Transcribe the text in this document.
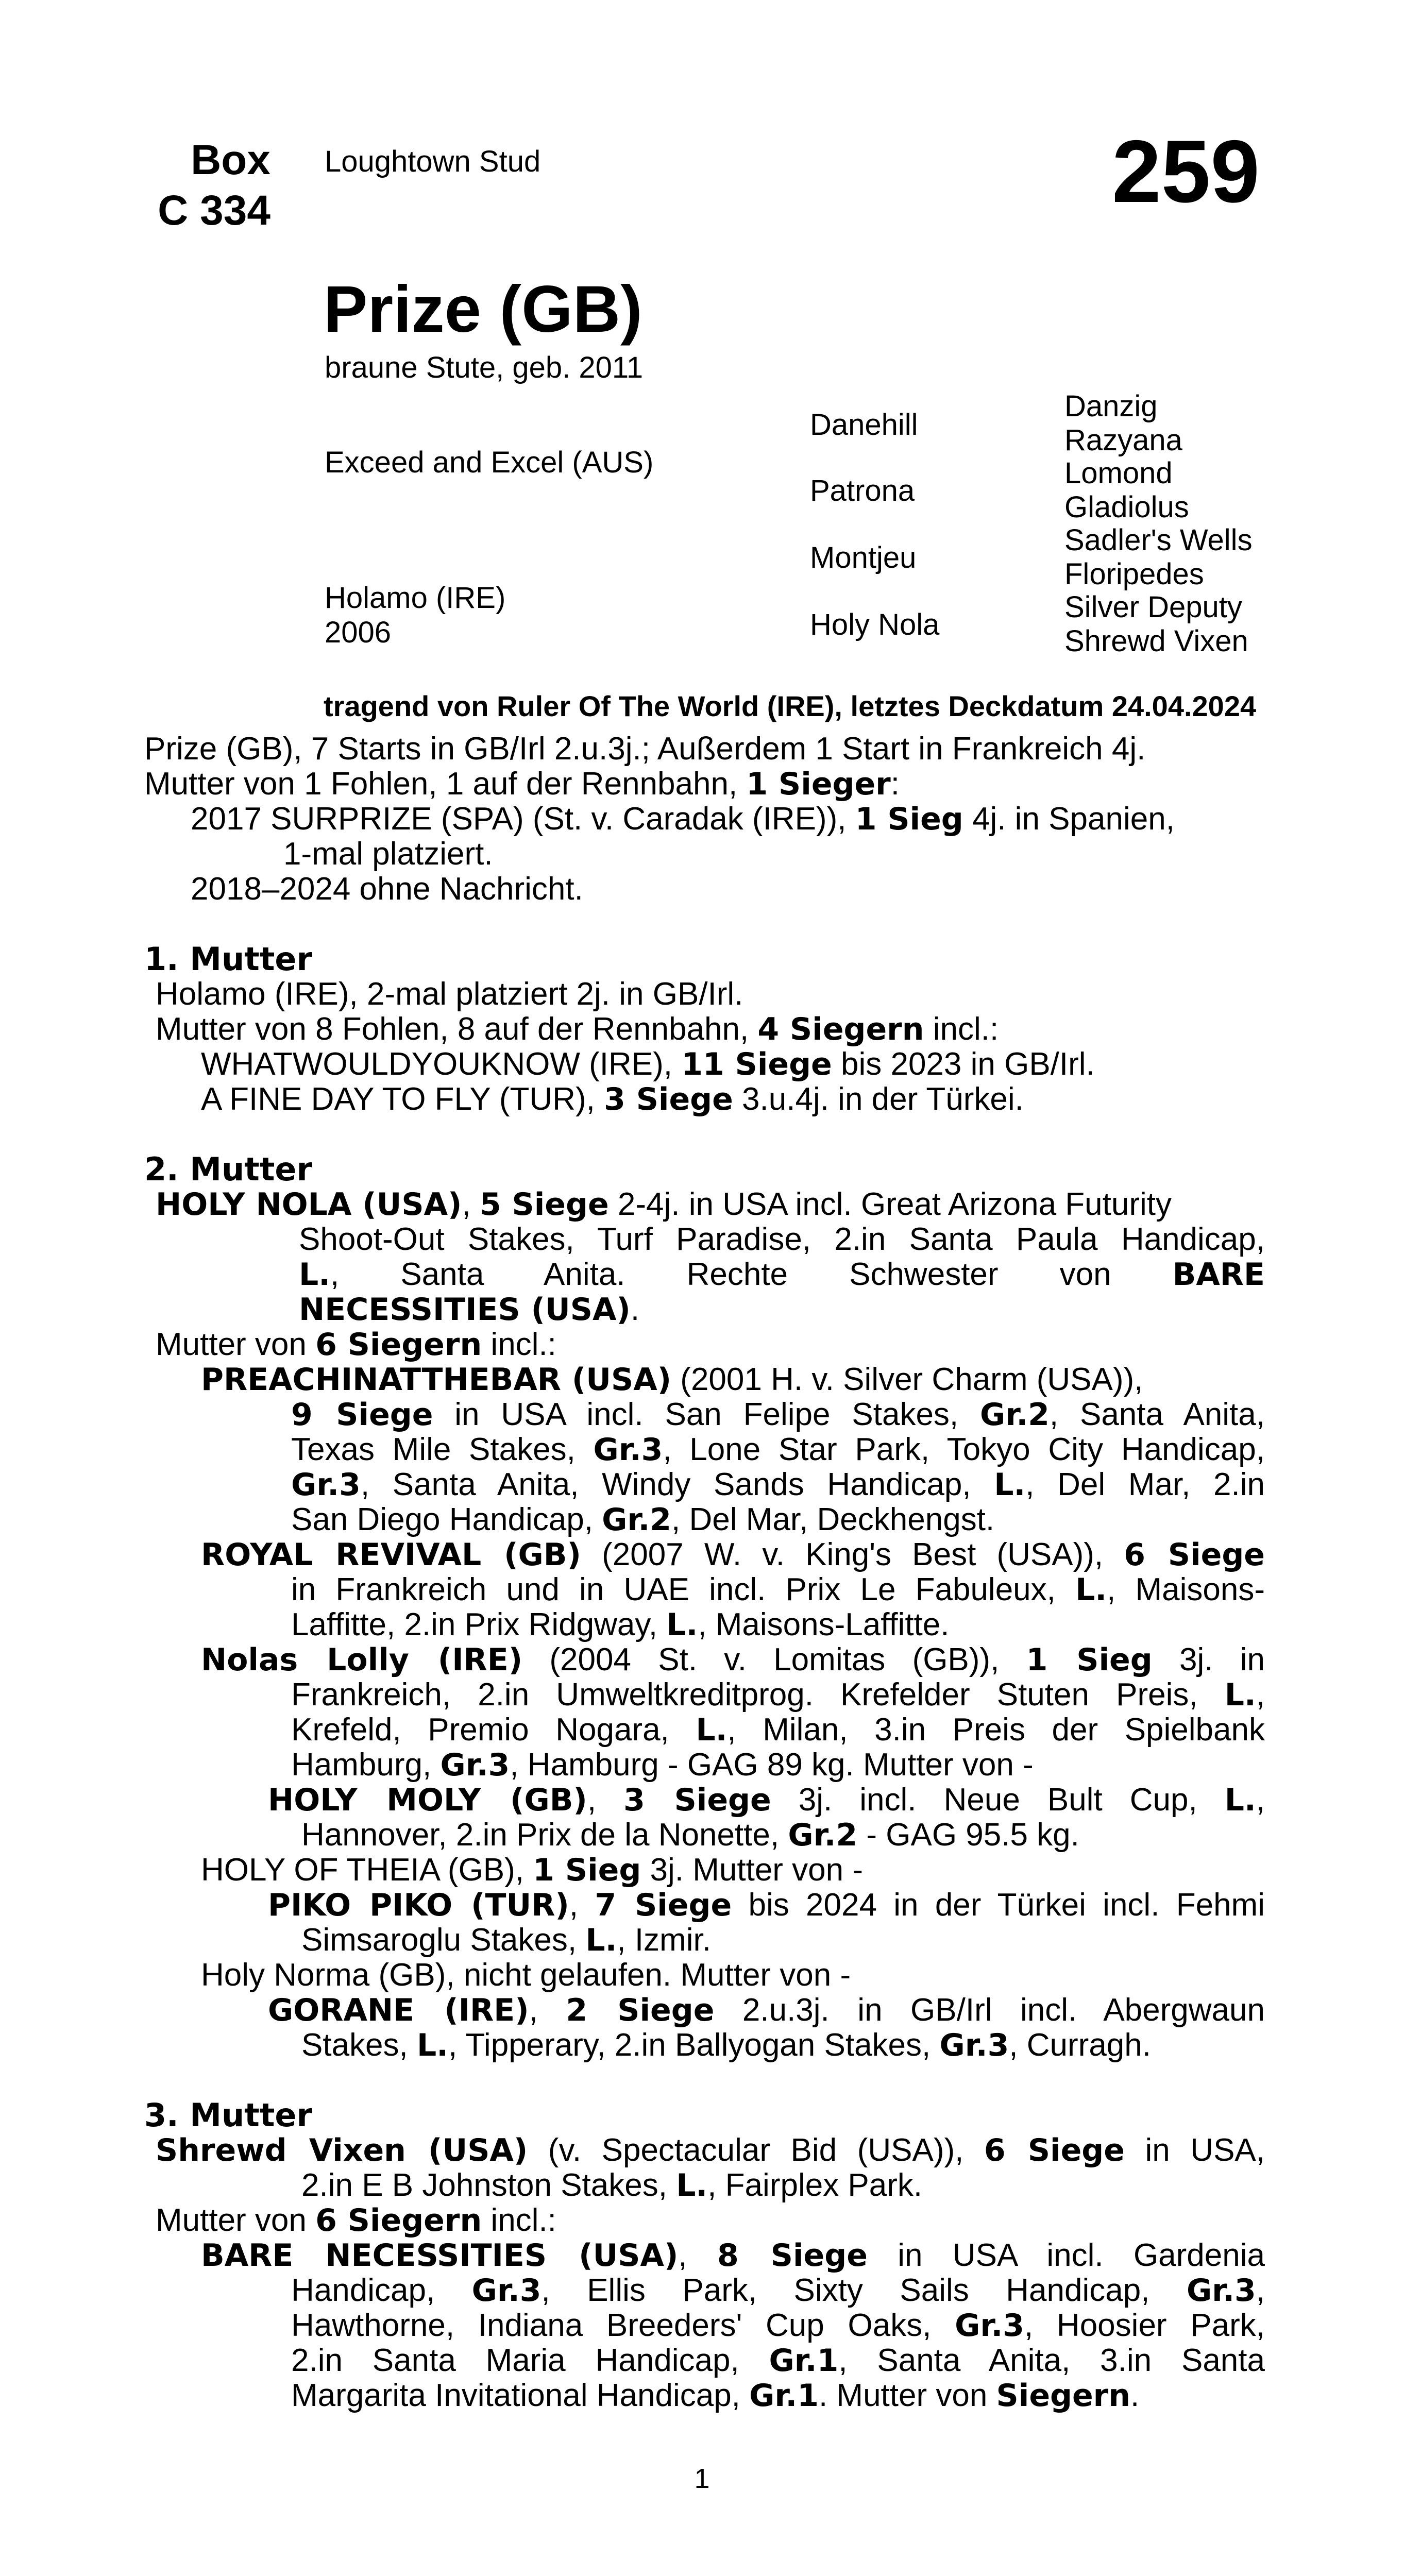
Box
C 334
Loughtown Stud	259
Prize (GB)
braune Stute, geb. 2011
Exceed and Excel (AUS)
Holamo (IRE)
2006
Danehill
Patrona
Montjeu
Holy Nola
Danzig
Razyana
Lomond
Gladiolus
Sadler's Wells
Floripedes
Silver Deputy
Shrewd Vixen
tragend von Ruler Of The World (IRE), letztes Deckdatum 24.04.2024
Prize (GB), 7 Starts in GB/Irl 2.u.3j.; Außerdem 1 Start in Frankreich 4j.
Mutter von 1 Fohlen, 1 auf der Rennbahn, 1 Sieger:
2017 SURPRIZE (SPA) (St. v. Caradak (IRE)), 1 Sieg 4j. in Spanien,
1-mal platziert.
2018–2024 ohne Nachricht.
1. Mutter
Holamo (IRE), 2-mal platziert 2j. in GB/Irl.
Mutter von 8 Fohlen, 8 auf der Rennbahn, 4 Siegern incl.:
WHATWOULDYOUKNOW (IRE), 11 Siege bis 2023 in GB/Irl.
A FINE DAY TO FLY (TUR), 3 Siege 3.u.4j. in der Türkei.
2. Mutter
HOLY NOLA (USA), 5 Siege 2-4j. in USA incl. Great Arizona Futurity
Shoot-Out Stakes, Turf Paradise, 2.in Santa Paula Handicap,
L., Santa Anita. Rechte Schwester von BARE
NECESSITIES (USA).
Mutter von 6 Siegern incl.:
PREACHINATTHEBAR (USA) (2001 H. v. Silver Charm (USA)),
9 Siege in USA incl. San Felipe Stakes, Gr.2, Santa Anita,
Texas Mile Stakes, Gr.3, Lone Star Park, Tokyo City Handicap,
Gr.3, Santa Anita, Windy Sands Handicap, L., Del Mar, 2.in
San Diego Handicap, Gr.2, Del Mar, Deckhengst.
ROYAL REVIVAL (GB) (2007 W. v. King's Best (USA)), 6 Siege
in Frankreich und in UAE incl. Prix Le Fabuleux, L., Maisons-
Laffitte, 2.in Prix Ridgway, L., Maisons-Laffitte.
Nolas Lolly (IRE) (2004 St. v. Lomitas (GB)), 1 Sieg 3j. in
Frankreich, 2.in Umweltkreditprog. Krefelder Stuten Preis, L.,
Krefeld, Premio Nogara, L., Milan, 3.in Preis der Spielbank
Hamburg, Gr.3, Hamburg - GAG 89 kg. Mutter von -
HOLY MOLY (GB), 3 Siege 3j. incl. Neue Bult Cup, L.,
Hannover, 2.in Prix de la Nonette, Gr.2 - GAG 95.5 kg.
HOLY OF THEIA (GB), 1 Sieg 3j. Mutter von -
PIKO PIKO (TUR), 7 Siege bis 2024 in der Türkei incl. Fehmi
Simsaroglu Stakes, L., Izmir.
Holy Norma (GB), nicht gelaufen. Mutter von -
GORANE (IRE), 2 Siege 2.u.3j. in GB/Irl incl. Abergwaun
Stakes, L., Tipperary, 2.in Ballyogan Stakes, Gr.3, Curragh.
3. Mutter
Shrewd Vixen (USA) (v. Spectacular Bid (USA)), 6 Siege in USA,
2.in E B Johnston Stakes, L., Fairplex Park.
Mutter von 6 Siegern incl.:
BARE NECESSITIES (USA), 8 Siege in USA incl. Gardenia
Handicap, Gr.3, Ellis Park, Sixty Sails Handicap, Gr.3,
Hawthorne, Indiana Breeders' Cup Oaks, Gr.3, Hoosier Park,
2.in Santa Maria Handicap, Gr.1, Santa Anita, 3.in Santa
Margarita Invitational Handicap, Gr.1. Mutter von Siegern.
1
